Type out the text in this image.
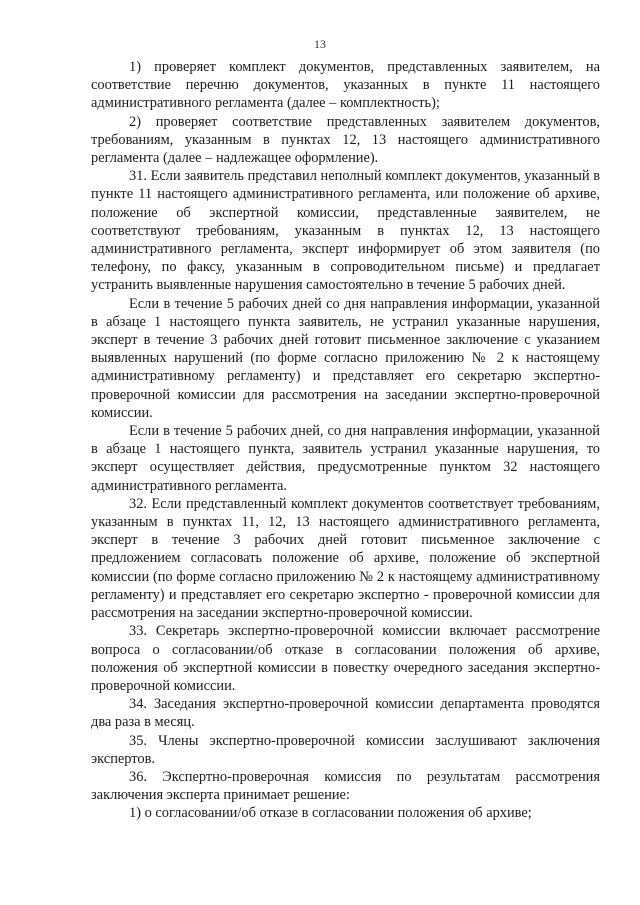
13

1) проверяет комплект документов, представленных заявителем, на соответствие перечню документов, указанных в пункте 11 настоящего административного регламента (далее – комплектность);

2) проверяет соответствие представленных заявителем документов, требованиям, указанным в пунктах 12, 13 настоящего административного регламента (далее – надлежащее оформление).

31. Если заявитель представил неполный комплект документов, указанный в пункте 11 настоящего административного регламента, или положение об архиве, положение об экспертной комиссии, представленные заявителем, не соответствуют требованиям, указанным в пунктах 12, 13 настоящего административного регламента, эксперт информирует об этом заявителя (по телефону, по факсу, указанным в сопроводительном письме) и предлагает устранить выявленные нарушения самостоятельно в течение 5 рабочих дней.

Если в течение 5 рабочих дней со дня направления информации, указанной в абзаце 1 настоящего пункта заявитель, не устранил указанные нарушения, эксперт в течение 3 рабочих дней готовит письменное заключение с указанием выявленных нарушений (по форме согласно приложению № 2 к настоящему административному регламенту) и представляет его секретарю экспертно-проверочной комиссии для рассмотрения на заседании экспертно-проверочной комиссии.

Если в течение 5 рабочих дней, со дня направления информации, указанной в абзаце 1 настоящего пункта, заявитель устранил указанные нарушения, то эксперт осуществляет действия, предусмотренные пунктом 32 настоящего административного регламента.

32. Если представленный комплект документов соответствует требованиям, указанным в пунктах 11, 12, 13 настоящего административного регламента, эксперт в течение 3 рабочих дней готовит письменное заключение с предложением согласовать положение об архиве, положение об экспертной комиссии (по форме согласно приложению № 2 к настоящему административному регламенту) и представляет его секретарю экспертно - проверочной комиссии для рассмотрения на заседании экспертно-проверочной комиссии.

33. Секретарь экспертно-проверочной комиссии включает рассмотрение вопроса о согласовании/об отказе в согласовании положения об архиве, положения об экспертной комиссии в повестку очередного заседания экспертно-проверочной комиссии.

34. Заседания экспертно-проверочной комиссии департамента проводятся два раза в месяц.

35. Члены экспертно-проверочной комиссии заслушивают заключения экспертов.

36. Экспертно-проверочная комиссия по результатам рассмотрения заключения эксперта принимает решение:

1) о согласовании/об отказе в согласовании положения об архиве;
